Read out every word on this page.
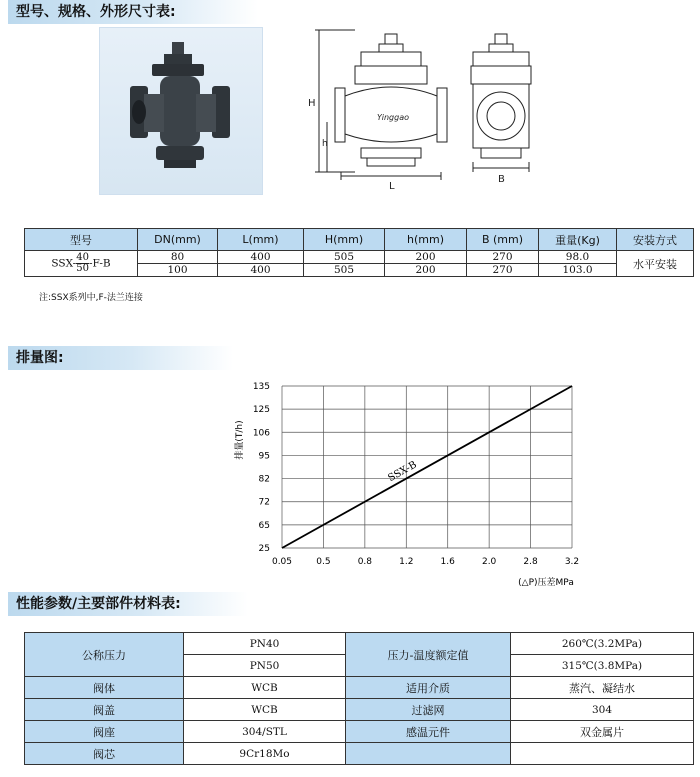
型号、规格、外形尺寸表:
H
h
L
B
Yinggao
型号	DN(mm)	L(mm)	H(mm)	h(mm)	B (mm)	重量(Kg)	安装方式
$SSX- \frac{40}{50} -F-B$	80	400	505	200	270	98.0	水平安装
	100	400	505	200	270	103.0	
注:SSX系列中,F-法兰连接
排量图:
0.05	0.5	0.8	1.2	1.6	2.0	2.8	3.2
25
65
72
82
95
106
125
135
SSX-B
排量(T/h)
(△P)压差MPa
性能参数/主要部件材料表:
公称压力	PN40	压力-温度额定值	260℃(3.2MPa)
	PN50		315℃(3.8MPa)
阀体	WCB	适用介质	蒸汽、凝结水
阀盖	WCB	过滤网	304
阀座	304/STL	感温元件	双金属片
阀芯	9Cr18Mo		
